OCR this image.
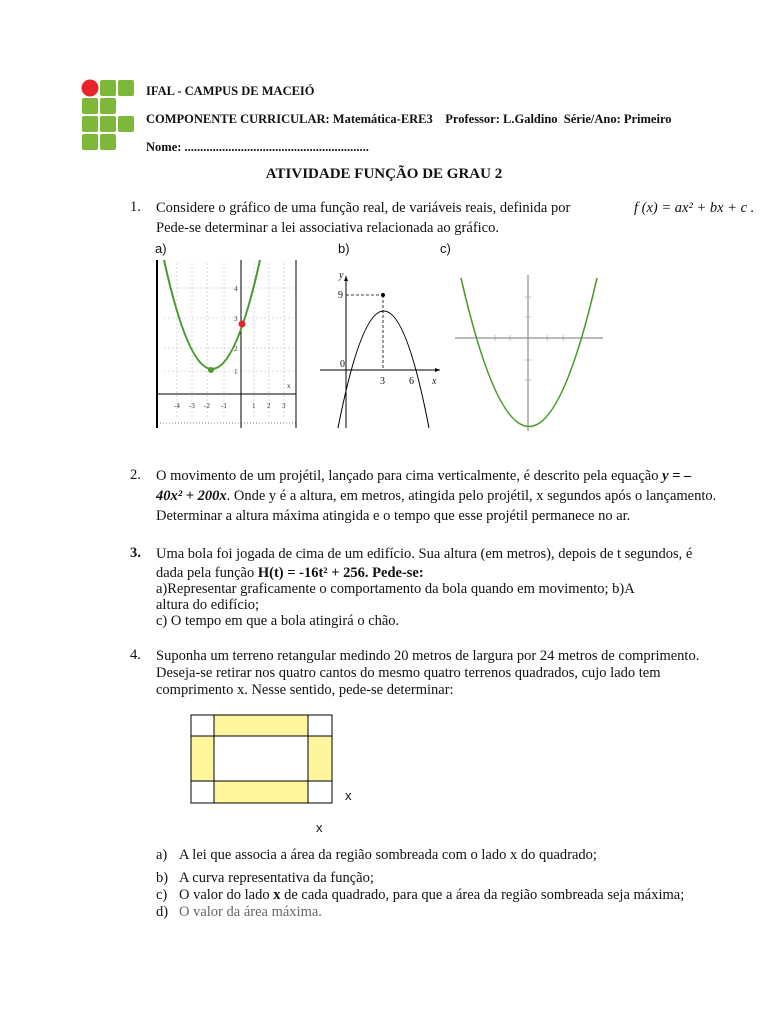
IFAL - CAMPUS DE MACEIÓ
COMPONENTE CURRICULAR: Matemática-ERE3    Professor: L.Galdino  Série/Ano: Primeiro
Nome: ...........................................................
ATIVIDADE FUNÇÃO DE GRAU 2
1. Considere o gráfico de uma função real, de variáveis reais, definida por	f (x) = ax² + bx + c .
Pede-se determinar a lei associativa relacionada ao gráfico.
a)	b)	c)
-4 -3 -2 -1	1 2 3
4
3
2
1
x
y
x
9
0
3 6
2. O movimento de um projétil, lançado para cima verticalmente, é descrito pela equação y = –
40x² + 200x. Onde y é a altura, em metros, atingida pelo projétil, x segundos após o lançamento.
Determinar a altura máxima atingida e o tempo que esse projétil permanece no ar.
3. Uma bola foi jogada de cima de um edifício. Sua altura (em metros), depois de t segundos, é
dada pela função H(t) = -16t² + 256. Pede-se:
a)Representar graficamente o comportamento da bola quando em movimento; b)A
altura do edifício;
c) O tempo em que a bola atingirá o chão.
4. Suponha um terreno retangular medindo 20 metros de largura por 24 metros de comprimento.
Deseja-se retirar nos quatro cantos do mesmo quatro terrenos quadrados, cujo lado tem
comprimento x. Nesse sentido, pede-se determinar:
x
x
a) A lei que associa a área da região sombreada com o lado x do quadrado;
b) A curva representativa da função;
c) O valor do lado x de cada quadrado, para que a área da região sombreada seja máxima;
d) O valor da área máxima.
